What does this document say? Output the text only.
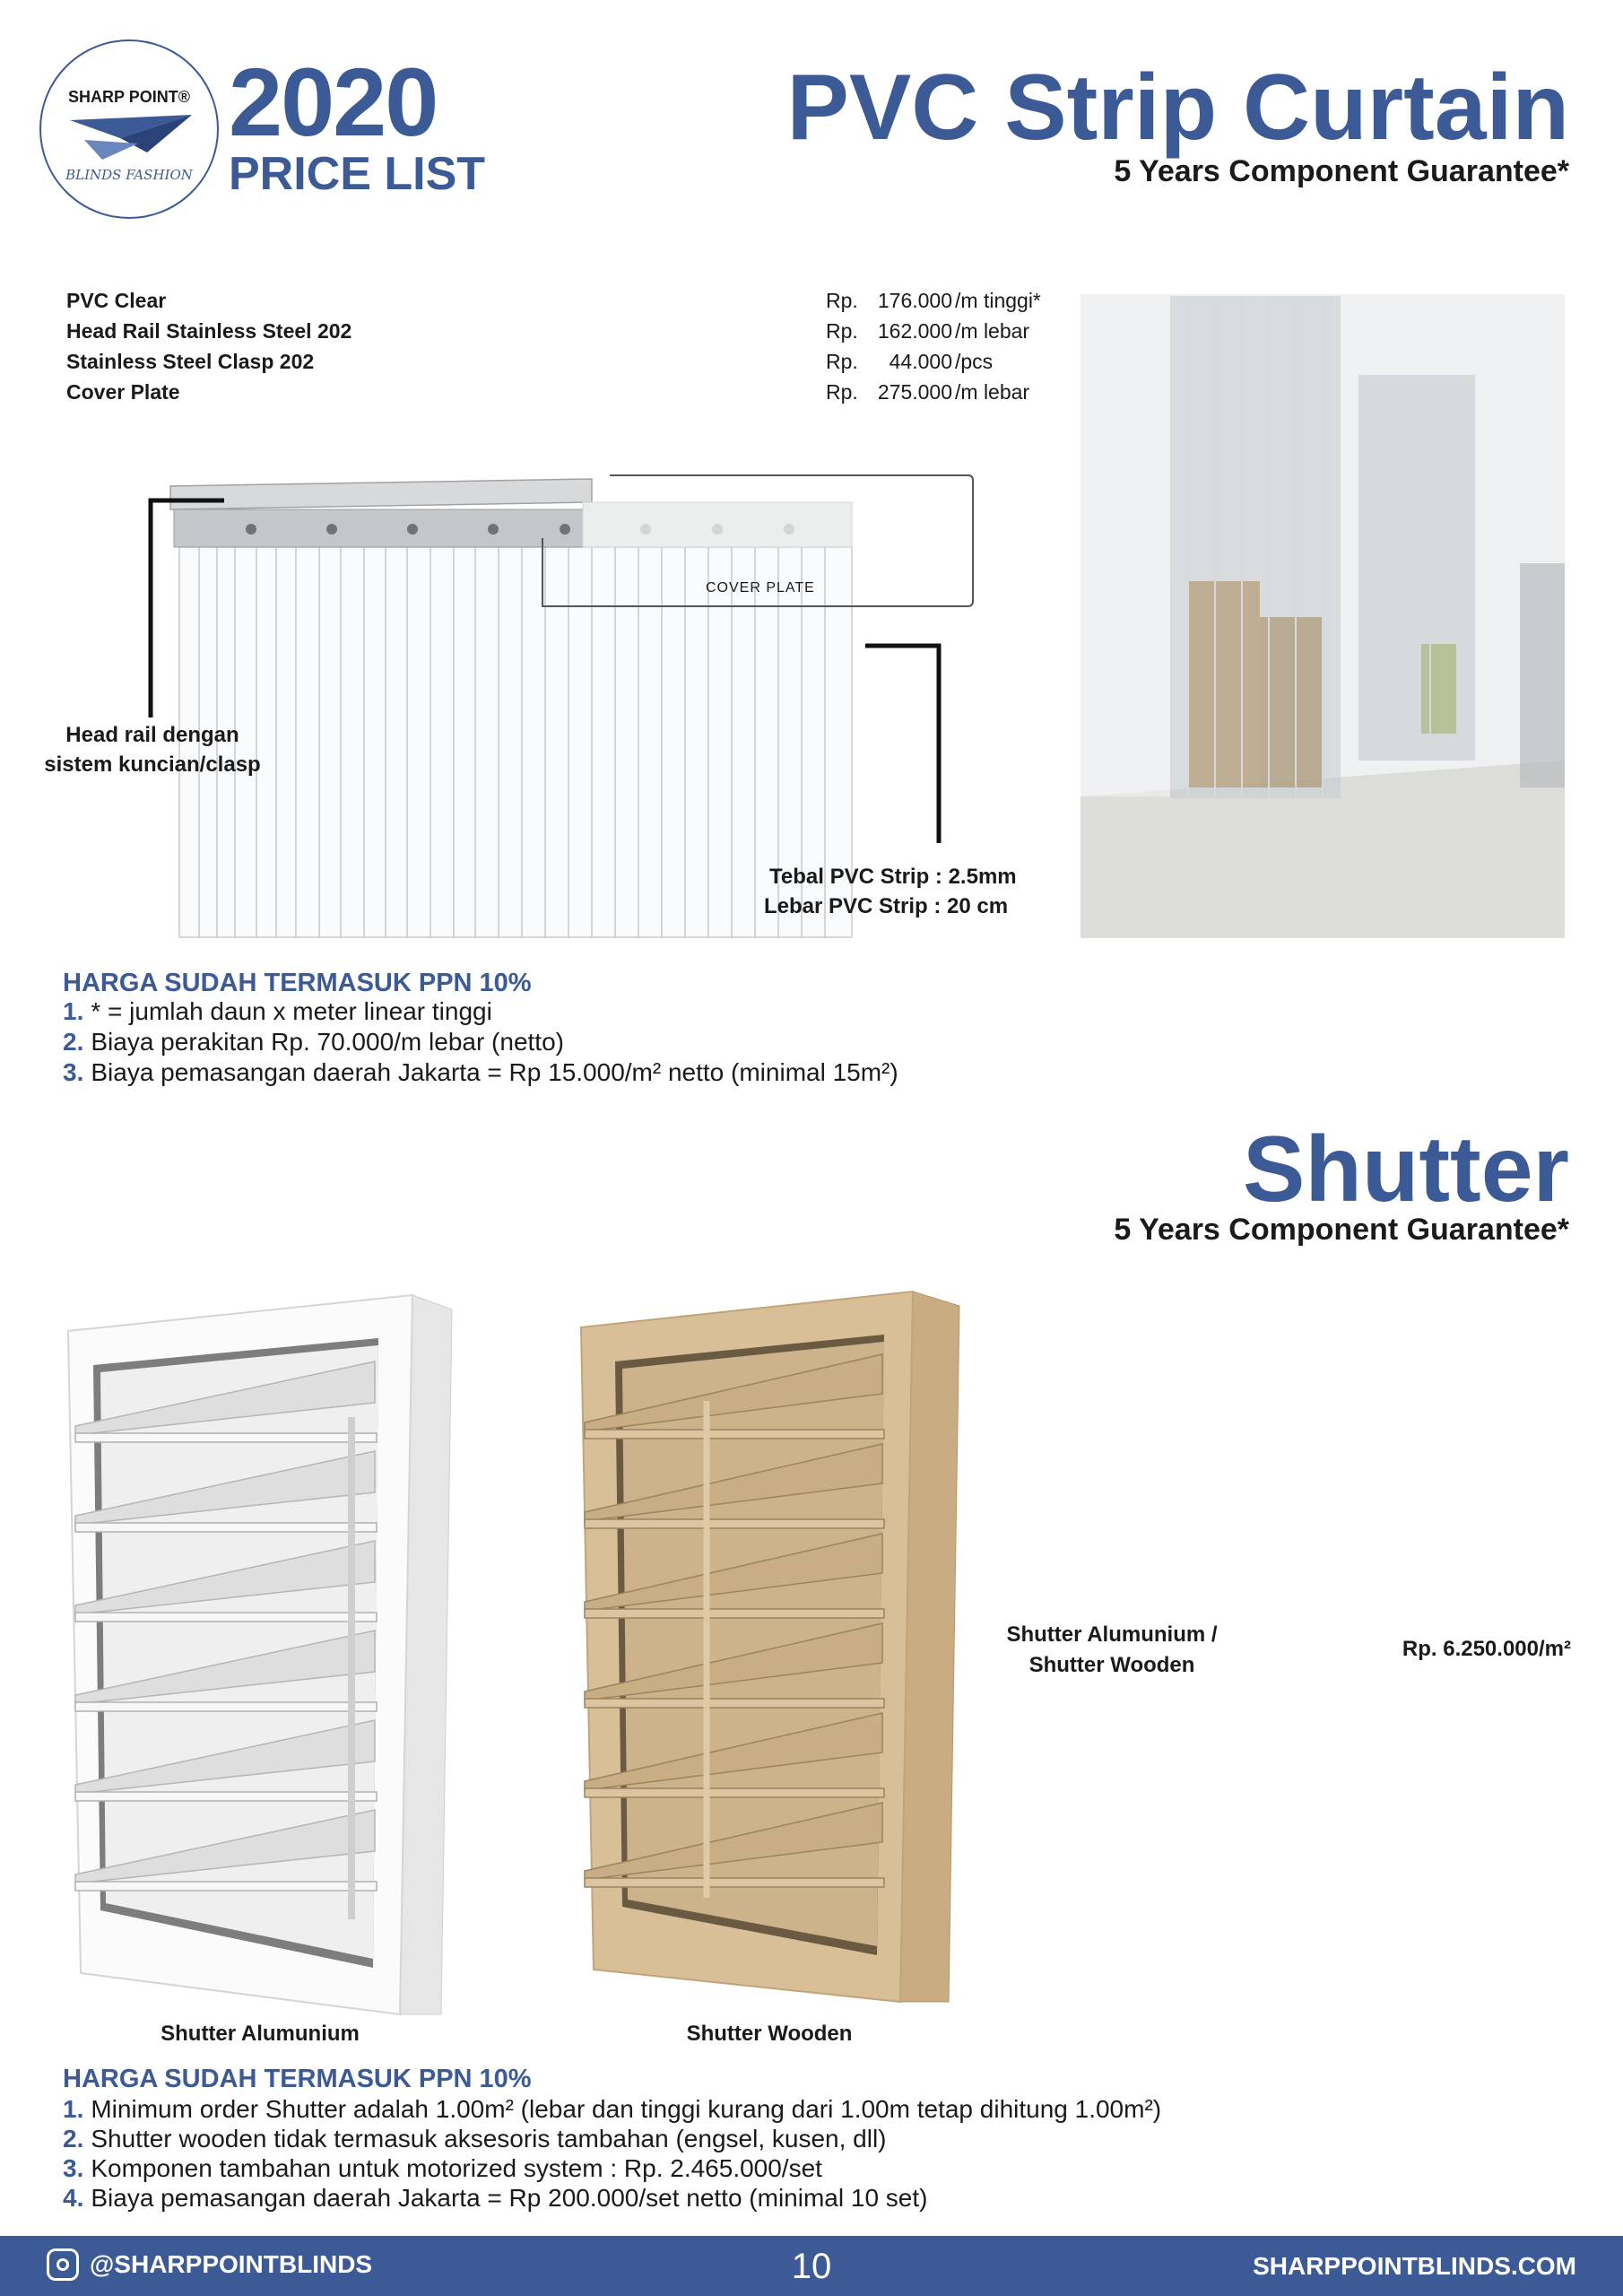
SHARP POINT®
BLINDS FASHION
2020
PRICE LIST
PVC Strip Curtain
5 Years Component Guarantee*
PVC Clear	Rp. 176.000 /m tinggi*
Head Rail Stainless Steel 202	Rp. 162.000 /m lebar
Stainless Steel Clasp 202	Rp.	44.000 /pcs
Cover Plate	Rp. 275.000 /m lebar
COVER PLATE
Head rail dengan
sistem kuncian/clasp
Tebal PVC Strip : 2.5mm
Lebar PVC Strip : 20 cm
HARGA SUDAH TERMASUK PPN 10%
1. * = jumlah daun x meter linear tinggi
2. Biaya perakitan Rp. 70.000/m lebar (netto)
3. Biaya pemasangan daerah Jakarta = Rp 15.000/m² netto (minimal 15m²)
Shutter
5 Years Component Guarantee*
Shutter Alumunium /
Shutter Wooden
Rp. 6.250.000/m²
Shutter Alumunium	Shutter Wooden
HARGA SUDAH TERMASUK PPN 10%
1. Minimum order Shutter adalah 1.00m² (lebar dan tinggi kurang dari 1.00m tetap dihitung 1.00m²)
2. Shutter wooden tidak termasuk aksesoris tambahan (engsel, kusen, dll)
3. Komponen tambahan untuk motorized system : Rp. 2.465.000/set
4. Biaya pemasangan daerah Jakarta = Rp 200.000/set netto (minimal 10 set)
@SHARPPOINTBLINDS	10	SHARPPOINTBLINDS.COM
